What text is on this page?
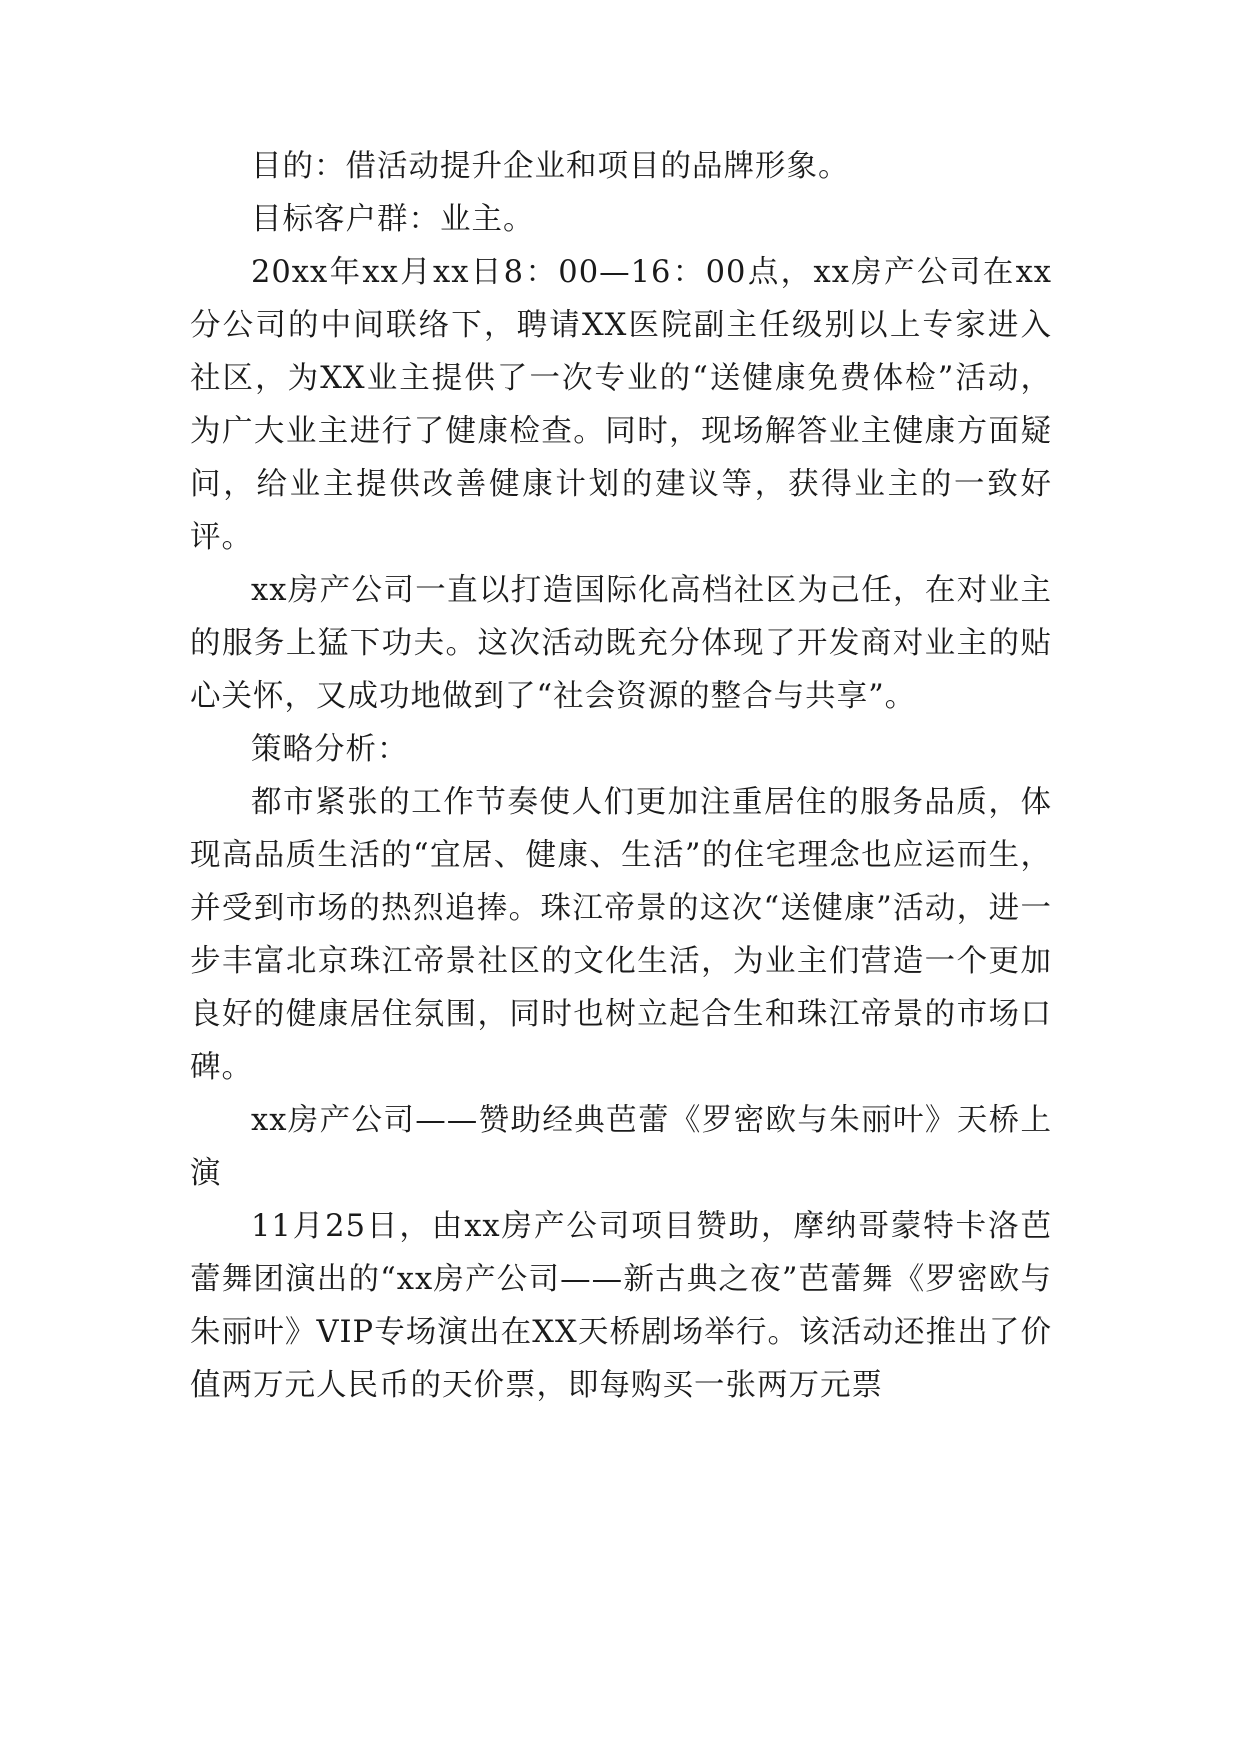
目的：借活动提升企业和项目的品牌形象。

目标客户群：业主。

20xx年xx月xx日8：00—16：00点，xx房产公司在xx分公司的中间联络下，聘请XX医院副主任级别以上专家进入社区，为XX业主提供了一次专业的“送健康免费体检”活动，为广大业主进行了健康检查。同时，现场解答业主健康方面疑问，给业主提供改善健康计划的建议等，获得业主的一致好评。

xx房产公司一直以打造国际化高档社区为己任，在对业主的服务上猛下功夫。这次活动既充分体现了开发商对业主的贴心关怀，又成功地做到了“社会资源的整合与共享”。

策略分析：

都市紧张的工作节奏使人们更加注重居住的服务品质，体现高品质生活的“宜居、健康、生活”的住宅理念也应运而生，并受到市场的热烈追捧。珠江帝景的这次“送健康”活动，进一步丰富北京珠江帝景社区的文化生活，为业主们营造一个更加良好的健康居住氛围，同时也树立起合生和珠江帝景的市场口碑。

xx房产公司——赞助经典芭蕾《罗密欧与朱丽叶》天桥上演

11月25日，由xx房产公司项目赞助，摩纳哥蒙特卡洛芭蕾舞团演出的“xx房产公司——新古典之夜”芭蕾舞《罗密欧与朱丽叶》VIP专场演出在XX天桥剧场举行。该活动还推出了价值两万元人民币的天价票，即每购买一张两万元票
